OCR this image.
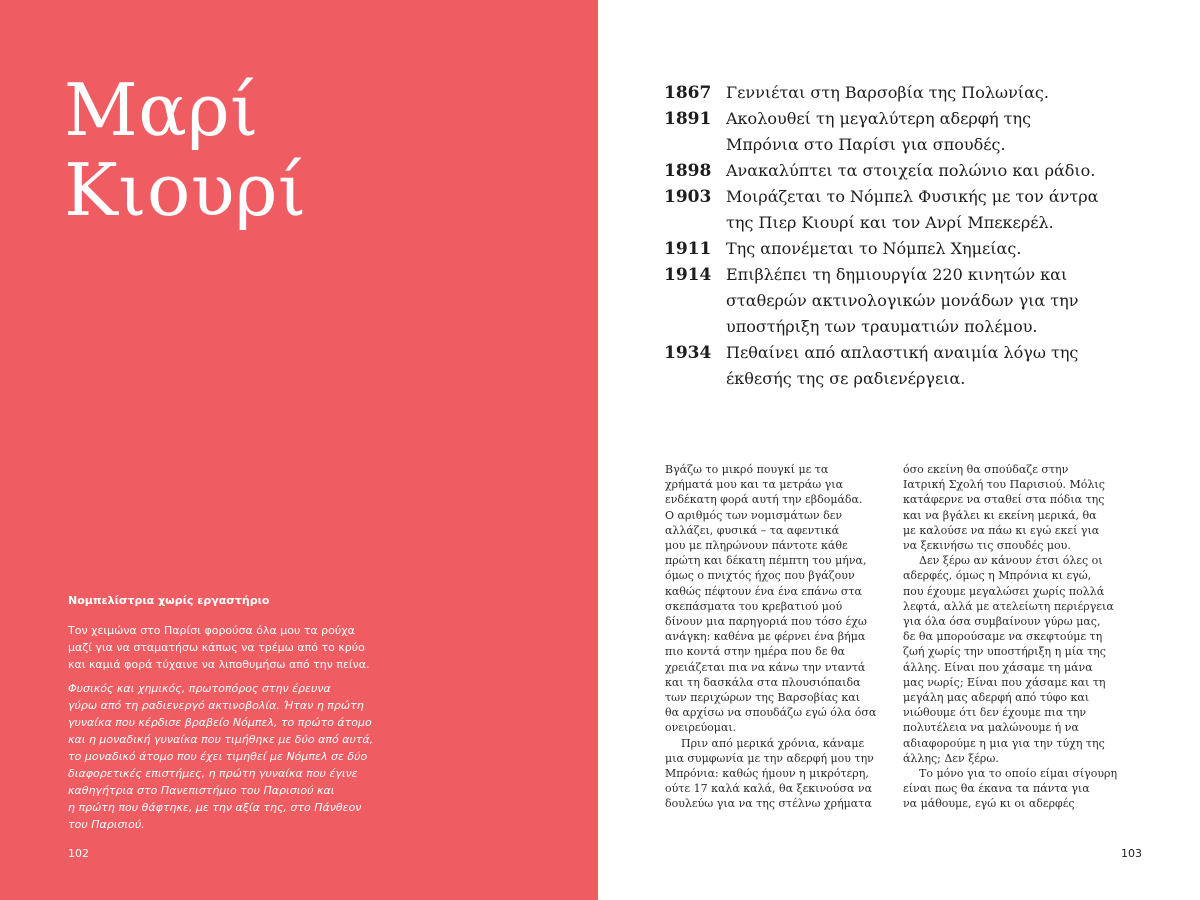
Μαρί
Κιουρί
Νομπελίστρια χωρίς εργαστήριο
Τον χειμώνα στο Παρίσι φορούσα όλα μου τα ρούχα
μαζί για να σταματήσω κάπως να τρέμω από το κρύο
και καμιά φορά τύχαινε να λιποθυμήσω από την πείνα.
Φυσικός και χημικός, πρωτοπόρος στην έρευνα
γύρω από τη ραδιενεργό ακτινοβολία. Ήταν η πρώτη
γυναίκα που κέρδισε βραβείο Νόμπελ, το πρώτο άτομο
και η μοναδική γυναίκα που τιμήθηκε με δύο από αυτά,
το μοναδικό άτομο που έχει τιμηθεί με Νόμπελ σε δύο
διαφορετικές επιστήμες, η πρώτη γυναίκα που έγινε
καθηγήτρια στο Πανεπιστήμιο του Παρισιού και
η πρώτη που θάφτηκε, με την αξία της, στο Πάνθεον
του Παρισιού.
102
1867 Γεννιέται στη Βαρσοβία της Πολωνίας.
1891 Ακολουθεί τη μεγαλύτερη αδερφή της
Μπρόνια στο Παρίσι για σπουδές.
1898 Ανακαλύπτει τα στοιχεία πολώνιο και ράδιο.
1903 Μοιράζεται το Νόμπελ Φυσικής με τον άντρα
της Πιερ Κιουρί και τον Ανρί Μπεκερέλ.
1911 Της απονέμεται το Νόμπελ Χημείας.
1914 Επιβλέπει τη δημιουργία 220 κινητών και
σταθερών ακτινολογικών μονάδων για την
υποστήριξη των τραυματιών πολέμου.
1934 Πεθαίνει από απλαστική αναιμία λόγω της
έκθεσής της σε ραδιενέργεια.
Βγάζω το μικρό πουγκί με τα
χρήματά μου και τα μετράω για
ενδέκατη φορά αυτή την εβδομάδα.
Ο αριθμός των νομισμάτων δεν
αλλάζει, φυσικά – τα αφεντικά
μου με πληρώνουν πάντοτε κάθε
πρώτη και δέκατη πέμπτη του μήνα,
όμως ο πνιχτός ήχος που βγάζουν
καθώς πέφτουν ένα ένα επάνω στα
σκεπάσματα του κρεβατιού μού
δίνουν μια παρηγοριά που τόσο έχω
ανάγκη: καθένα με φέρνει ένα βήμα
πιο κοντά στην ημέρα που δε θα
χρειάζεται πια να κάνω την νταντά
και τη δασκάλα στα πλουσιόπαιδα
των περιχώρων της Βαρσοβίας και
θα αρχίσω να σπουδάζω εγώ όλα όσα
ονειρεύομαι.
Πριν από μερικά χρόνια, κάναμε
μια συμφωνία με την αδερφή μου την
Μπρόνια: καθώς ήμουν η μικρότερη,
ούτε 17 καλά καλά, θα ξεκινούσα να
δουλεύω για να της στέλνω χρήματα
όσο εκείνη θα σπούδαζε στην
Ιατρική Σχολή του Παρισιού. Μόλις
κατάφερνε να σταθεί στα πόδια της
και να βγάλει κι εκείνη μερικά, θα
με καλούσε να πάω κι εγώ εκεί για
να ξεκινήσω τις σπουδές μου.
Δεν ξέρω αν κάνουν έτσι όλες οι
αδερφές, όμως η Μπρόνια κι εγώ,
που έχουμε μεγαλώσει χωρίς πολλά
λεφτά, αλλά με ατελείωτη περιέργεια
για όλα όσα συμβαίνουν γύρω μας,
δε θα μπορούσαμε να σκεφτούμε τη
ζωή χωρίς την υποστήριξη η μία της
άλλης. Είναι που χάσαμε τη μάνα
μας νωρίς; Είναι που χάσαμε και τη
μεγάλη μας αδερφή από τύφο και
νιώθουμε ότι δεν έχουμε πια την
πολυτέλεια να μαλώνουμε ή να
αδιαφορούμε η μια για την τύχη της
άλλης; Δεν ξέρω.
Το μόνο για το οποίο είμαι σίγουρη
είναι πως θα έκανα τα πάντα για
να μάθουμε, εγώ κι οι αδερφές
103
